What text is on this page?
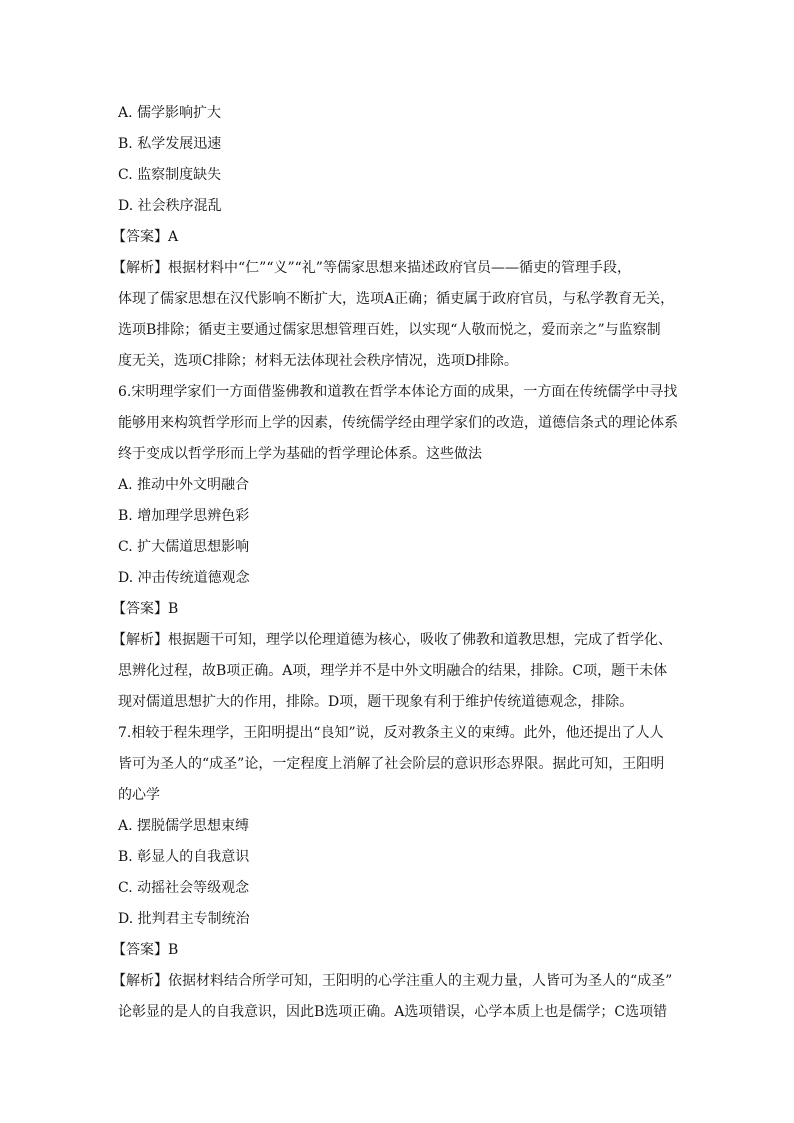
A. 儒学影响扩大
B. 私学发展迅速
C. 监察制度缺失
D. 社会秩序混乱
【答案】A
【解析】根据材料中“仁”“义”“礼”等儒家思想来描述政府官员——循吏的管理手段，
体现了儒家思想在汉代影响不断扩大，选项A正确；循吏属于政府官员，与私学教育无关，
选项B排除；循吏主要通过儒家思想管理百姓，以实现“人敬而悦之，爱而亲之”与监察制
度无关，选项C排除；材料无法体现社会秩序情况，选项D排除。
6.宋明理学家们一方面借鉴佛教和道教在哲学本体论方面的成果，一方面在传统儒学中寻找
能够用来构筑哲学形而上学的因素，传统儒学经由理学家们的改造，道德信条式的理论体系
终于变成以哲学形而上学为基础的哲学理论体系。这些做法
A. 推动中外文明融合
B. 增加理学思辨色彩
C. 扩大儒道思想影响
D. 冲击传统道德观念
【答案】B
【解析】根据题干可知，理学以伦理道德为核心，吸收了佛教和道教思想，完成了哲学化、
思辨化过程，故B项正确。A项，理学并不是中外文明融合的结果，排除。C项，题干未体
现对儒道思想扩大的作用，排除。D项，题干现象有利于维护传统道德观念，排除。
7.相较于程朱理学，王阳明提出“良知”说，反对教条主义的束缚。此外，他还提出了人人
皆可为圣人的“成圣”论，一定程度上消解了社会阶层的意识形态界限。据此可知，王阳明
的心学
A. 摆脱儒学思想束缚
B. 彰显人的自我意识
C. 动摇社会等级观念
D. 批判君主专制统治
【答案】B
【解析】依据材料结合所学可知，王阳明的心学注重人的主观力量，人皆可为圣人的“成圣”
论彰显的是人的自我意识，因此B选项正确。A选项错误，心学本质上也是儒学；C选项错
